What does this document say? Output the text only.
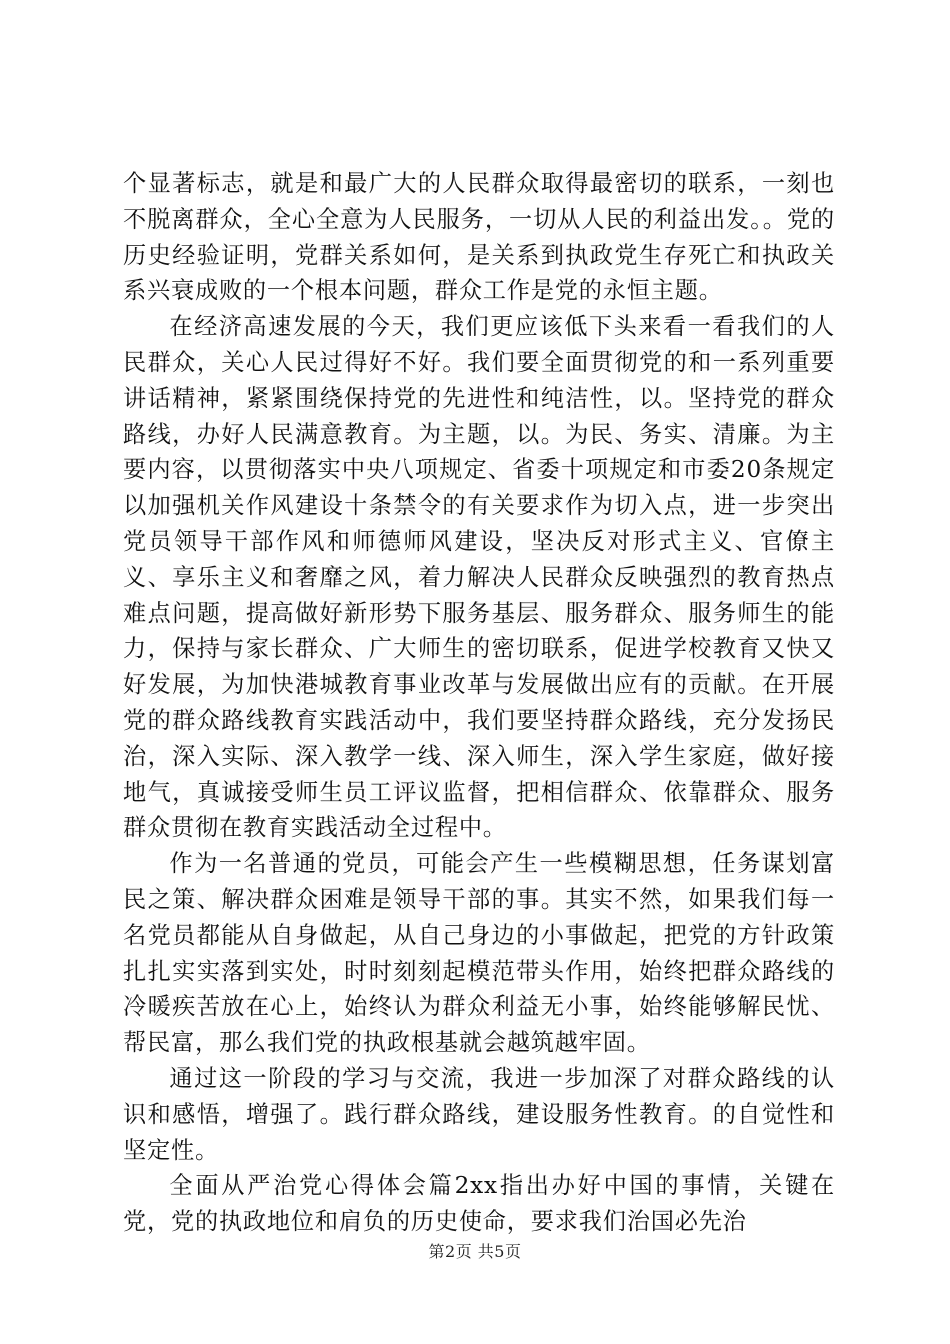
个显著标志，就是和最广大的人民群众取得最密切的联系，一刻也不脱离群众，全心全意为人民服务，一切从人民的利益出发。。党的历史经验证明，党群关系如何，是关系到执政党生存死亡和执政关系兴衰成败的一个根本问题，群众工作是党的永恒主题。

在经济高速发展的今天，我们更应该低下头来看一看我们的人民群众，关心人民过得好不好。我们要全面贯彻党的和一系列重要讲话精神，紧紧围绕保持党的先进性和纯洁性，以。坚持党的群众路线，办好人民满意教育。为主题，以。为民、务实、清廉。为主要内容，以贯彻落实中央八项规定、省委十项规定和市委20条规定以加强机关作风建设十条禁令的有关要求作为切入点，进一步突出党员领导干部作风和师德师风建设，坚决反对形式主义、官僚主义、享乐主义和奢靡之风，着力解决人民群众反映强烈的教育热点难点问题，提高做好新形势下服务基层、服务群众、服务师生的能力，保持与家长群众、广大师生的密切联系，促进学校教育又快又好发展，为加快港城教育事业改革与发展做出应有的贡献。在开展党的群众路线教育实践活动中，我们要坚持群众路线，充分发扬民治，深入实际、深入教学一线、深入师生，深入学生家庭，做好接地气，真诚接受师生员工评议监督，把相信群众、依靠群众、服务群众贯彻在教育实践活动全过程中。

作为一名普通的党员，可能会产生一些模糊思想，任务谋划富民之策、解决群众困难是领导干部的事。其实不然，如果我们每一名党员都能从自身做起，从自己身边的小事做起，把党的方针政策扎扎实实落到实处，时时刻刻起模范带头作用，始终把群众路线的冷暖疾苦放在心上，始终认为群众利益无小事，始终能够解民忧、帮民富，那么我们党的执政根基就会越筑越牢固。

通过这一阶段的学习与交流，我进一步加深了对群众路线的认识和感悟，增强了。践行群众路线，建设服务性教育。的自觉性和坚定性。

全面从严治党心得体会篇2xx指出办好中国的事情，关键在党，党的执政地位和肩负的历史使命，要求我们治国必先治

第2页 共5页
